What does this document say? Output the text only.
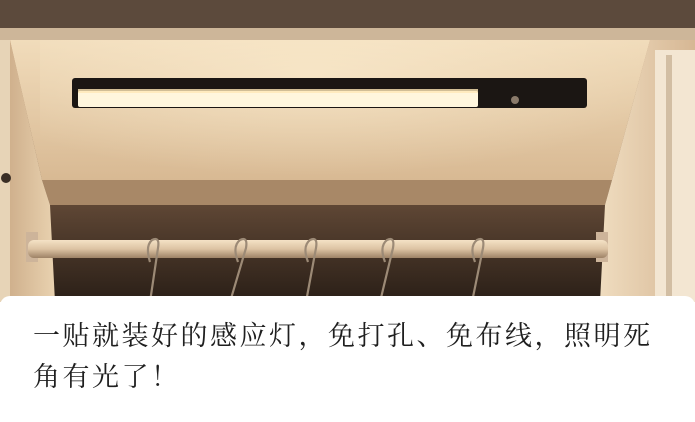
一贴就装好的感应灯，免打孔、免布线，照明死角有光了！
